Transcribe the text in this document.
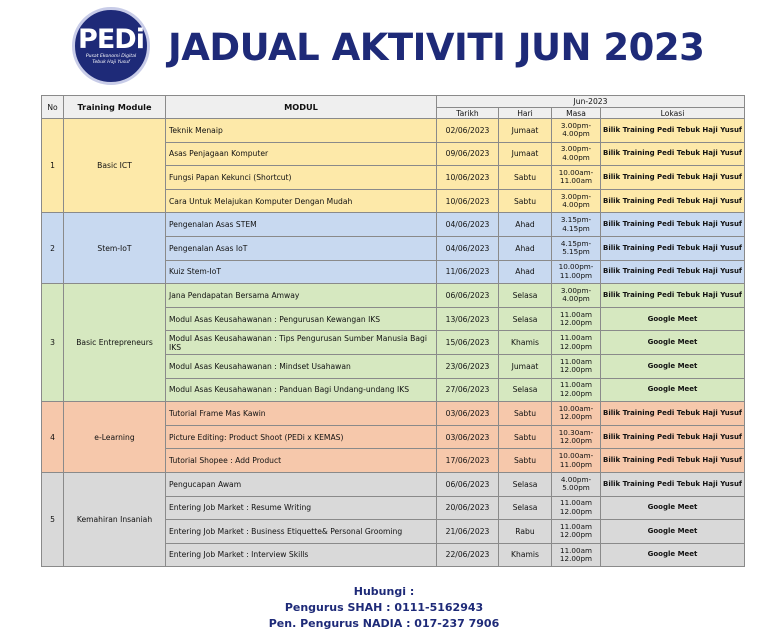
PEDi
Pusat Ekonomi Digital
Tebuk Haji Yusuf JADUAL AKTIVITI JUN 2023
No	Training Module	MODUL	Jun-2023			
			Tarikh	Hari	Masa	Lokasi
1	Basic ICT	Teknik Menaip	02/06/2023	Jumaat	3.00pm-
4.00pm	Bilik Training Pedi Tebuk Haji Yusuf
		Asas Penjagaan Komputer	09/06/2023	Jumaat	3.00pm-
4.00pm	Bilik Training Pedi Tebuk Haji Yusuf
		Fungsi Papan Kekunci (Shortcut)	10/06/2023	Sabtu	10.00am-
11.00am	Bilik Training Pedi Tebuk Haji Yusuf
		Cara Untuk Melajukan Komputer Dengan Mudah	10/06/2023	Sabtu	3.00pm-
4.00pm	Bilik Training Pedi Tebuk Haji Yusuf
2	Stem-IoT	Pengenalan Asas STEM	04/06/2023	Ahad	3.15pm-
4.15pm	Bilik Training Pedi Tebuk Haji Yusuf
		Pengenalan Asas IoT	04/06/2023	Ahad	4.15pm-
5.15pm	Bilik Training Pedi Tebuk Haji Yusuf
		Kuiz Stem-IoT	11/06/2023	Ahad	10.00pm-
11.00pm	Bilik Training Pedi Tebuk Haji Yusuf
3	Basic Entrepreneurs	Jana Pendapatan Bersama Amway	06/06/2023	Selasa	3.00pm-
4.00pm	Bilik Training Pedi Tebuk Haji Yusuf
		Modul Asas Keusahawanan : Pengurusan Kewangan IKS	13/06/2023	Selasa	11.00am
12.00pm	Google Meet
		Modul Asas Keusahawanan : Tips Pengurusan Sumber Manusia Bagi IKS	15/06/2023	Khamis	11.00am
12.00pm	Google Meet
		Modul Asas Keusahawanan : Mindset Usahawan	23/06/2023	Jumaat	11.00am
12.00pm	Google Meet
		Modul Asas Keusahawanan : Panduan Bagi Undang-undang IKS	27/06/2023	Selasa	11.00am
12.00pm	Google Meet
4	e-Learning	Tutorial Frame Mas Kawin	03/06/2023	Sabtu	10.00am-
12.00pm	Bilik Training Pedi Tebuk Haji Yusuf
		Picture Editing: Product Shoot (PEDi x KEMAS)	03/06/2023	Sabtu	10.30am-
12.00pm	Bilik Training Pedi Tebuk Haji Yusuf
		Tutorial Shopee : Add Product	17/06/2023	Sabtu	10.00am-
11.00pm	Bilik Training Pedi Tebuk Haji Yusuf
5	Kemahiran Insaniah	Pengucapan Awam	06/06/2023	Selasa	4.00pm-
5.00pm	Bilik Training Pedi Tebuk Haji Yusuf
		Entering Job Market : Resume Writing	20/06/2023	Selasa	11.00am
12.00pm	Google Meet
		Entering Job Market : Business Etiquette& Personal Grooming	21/06/2023	Rabu	11.00am
12.00pm	Google Meet
		Entering Job Market : Interview Skills	22/06/2023	Khamis	11.00am
12.00pm	Google Meet
Hubungi :
Pengurus SHAH : 0111-5162943
Pen. Pengurus NADIA : 017-237 7906
